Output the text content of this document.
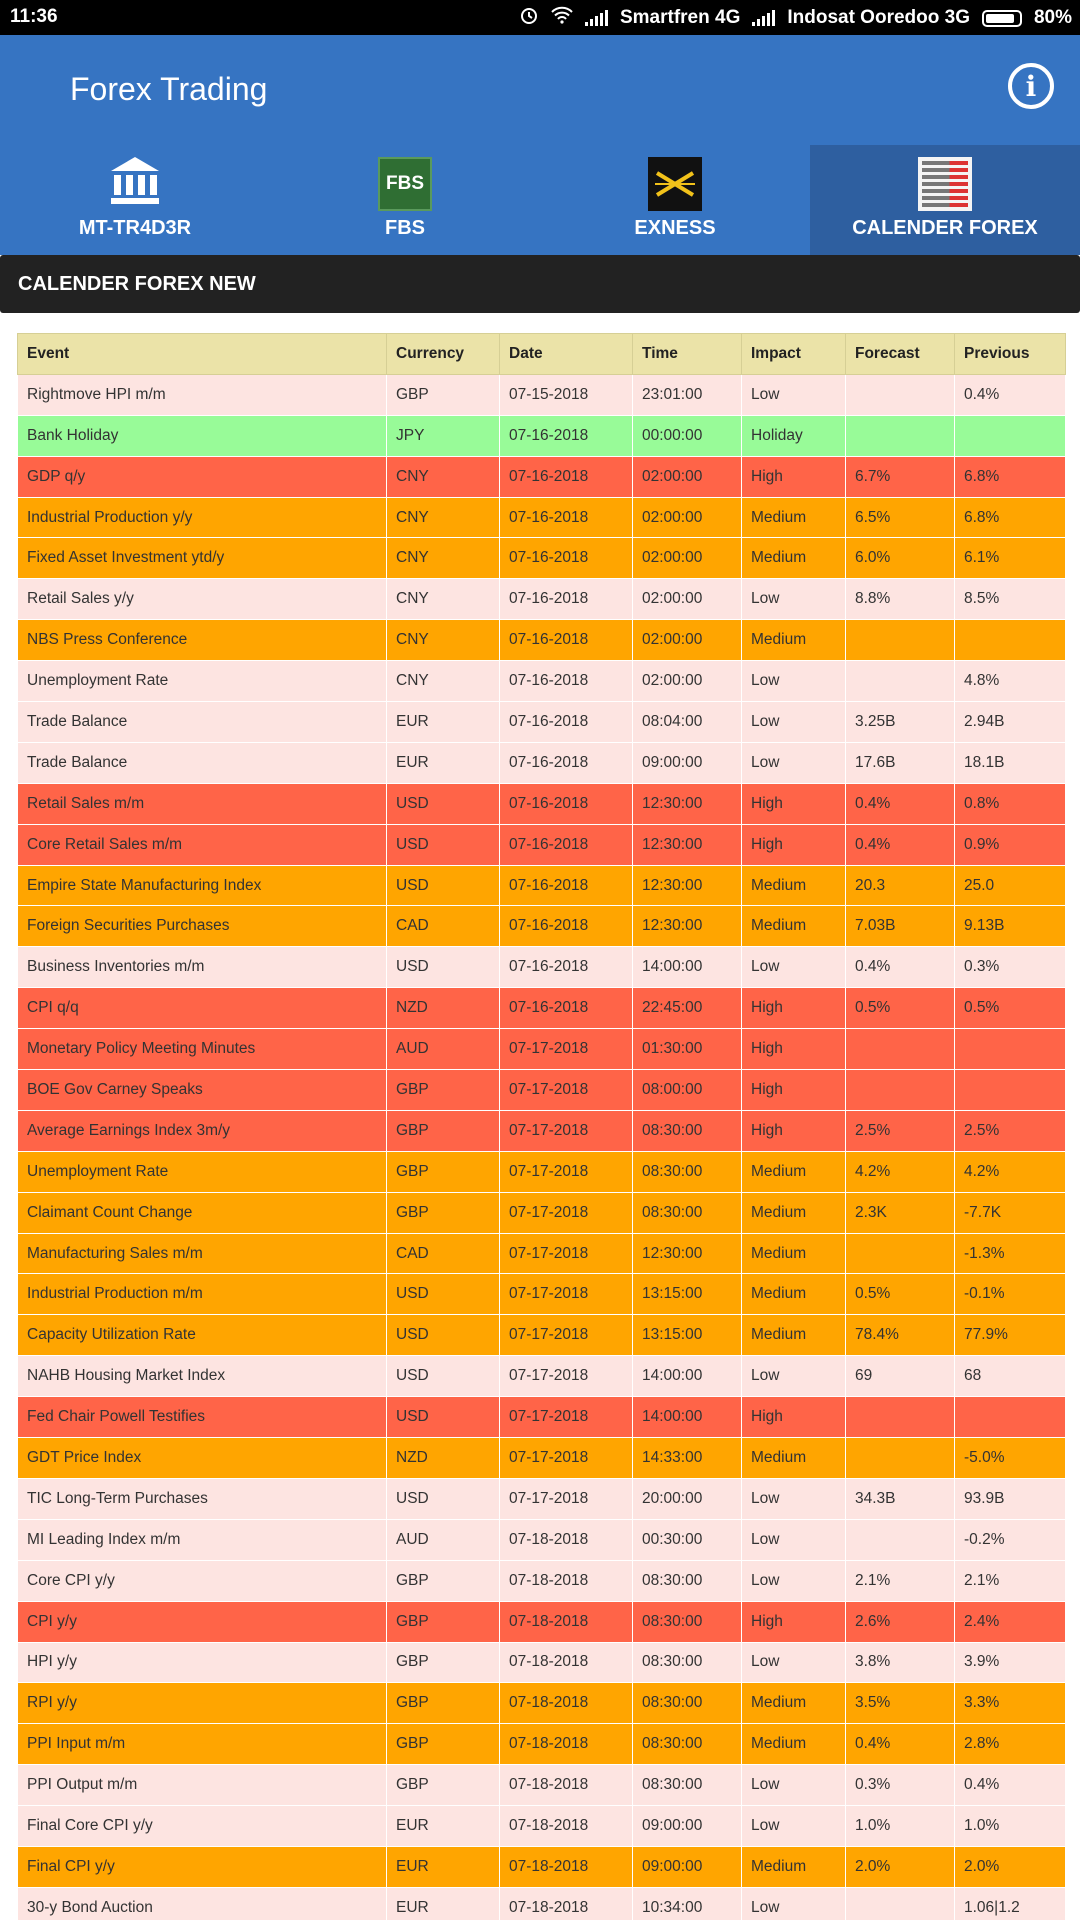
11:36	Smartfren 4G Indosat Ooredoo 3G	80%
Forex Trading	i
MT-TR4D3R
FBS
FBS	EXNESS	CALENDER FOREX
CALENDER FOREX NEW
Event	Currency	Date	Time	Impact	Forecast	Previous
Rightmove HPI m/m	GBP	07-15-2018	23:01:00	Low		0.4%
Bank Holiday	JPY	07-16-2018	00:00:00	Holiday		
GDP q/y	CNY	07-16-2018	02:00:00	High	6.7%	6.8%
Industrial Production y/y	CNY	07-16-2018	02:00:00	Medium	6.5%	6.8%
Fixed Asset Investment ytd/y	CNY	07-16-2018	02:00:00	Medium	6.0%	6.1%
Retail Sales y/y	CNY	07-16-2018	02:00:00	Low	8.8%	8.5%
NBS Press Conference	CNY	07-16-2018	02:00:00	Medium		
Unemployment Rate	CNY	07-16-2018	02:00:00	Low		4.8%
Trade Balance	EUR	07-16-2018	08:04:00	Low	3.25B	2.94B
Trade Balance	EUR	07-16-2018	09:00:00	Low	17.6B	18.1B
Retail Sales m/m	USD	07-16-2018	12:30:00	High	0.4%	0.8%
Core Retail Sales m/m	USD	07-16-2018	12:30:00	High	0.4%	0.9%
Empire State Manufacturing Index	USD	07-16-2018	12:30:00	Medium	20.3	25.0
Foreign Securities Purchases	CAD	07-16-2018	12:30:00	Medium	7.03B	9.13B
Business Inventories m/m	USD	07-16-2018	14:00:00	Low	0.4%	0.3%
CPI q/q	NZD	07-16-2018	22:45:00	High	0.5%	0.5%
Monetary Policy Meeting Minutes	AUD	07-17-2018	01:30:00	High		
BOE Gov Carney Speaks	GBP	07-17-2018	08:00:00	High		
Average Earnings Index 3m/y	GBP	07-17-2018	08:30:00	High	2.5%	2.5%
Unemployment Rate	GBP	07-17-2018	08:30:00	Medium	4.2%	4.2%
Claimant Count Change	GBP	07-17-2018	08:30:00	Medium	2.3K	-7.7K
Manufacturing Sales m/m	CAD	07-17-2018	12:30:00	Medium		-1.3%
Industrial Production m/m	USD	07-17-2018	13:15:00	Medium	0.5%	-0.1%
Capacity Utilization Rate	USD	07-17-2018	13:15:00	Medium	78.4%	77.9%
NAHB Housing Market Index	USD	07-17-2018	14:00:00	Low	69	68
Fed Chair Powell Testifies	USD	07-17-2018	14:00:00	High		
GDT Price Index	NZD	07-17-2018	14:33:00	Medium		-5.0%
TIC Long-Term Purchases	USD	07-17-2018	20:00:00	Low	34.3B	93.9B
MI Leading Index m/m	AUD	07-18-2018	00:30:00	Low		-0.2%
Core CPI y/y	GBP	07-18-2018	08:30:00	Low	2.1%	2.1%
CPI y/y	GBP	07-18-2018	08:30:00	High	2.6%	2.4%
HPI y/y	GBP	07-18-2018	08:30:00	Low	3.8%	3.9%
RPI y/y	GBP	07-18-2018	08:30:00	Medium	3.5%	3.3%
PPI Input m/m	GBP	07-18-2018	08:30:00	Medium	0.4%	2.8%
PPI Output m/m	GBP	07-18-2018	08:30:00	Low	0.3%	0.4%
Final Core CPI y/y	EUR	07-18-2018	09:00:00	Low	1.0%	1.0%
Final CPI y/y	EUR	07-18-2018	09:00:00	Medium	2.0%	2.0%
30-y Bond Auction	EUR	07-18-2018	10:34:00	Low		1.06|1.2
